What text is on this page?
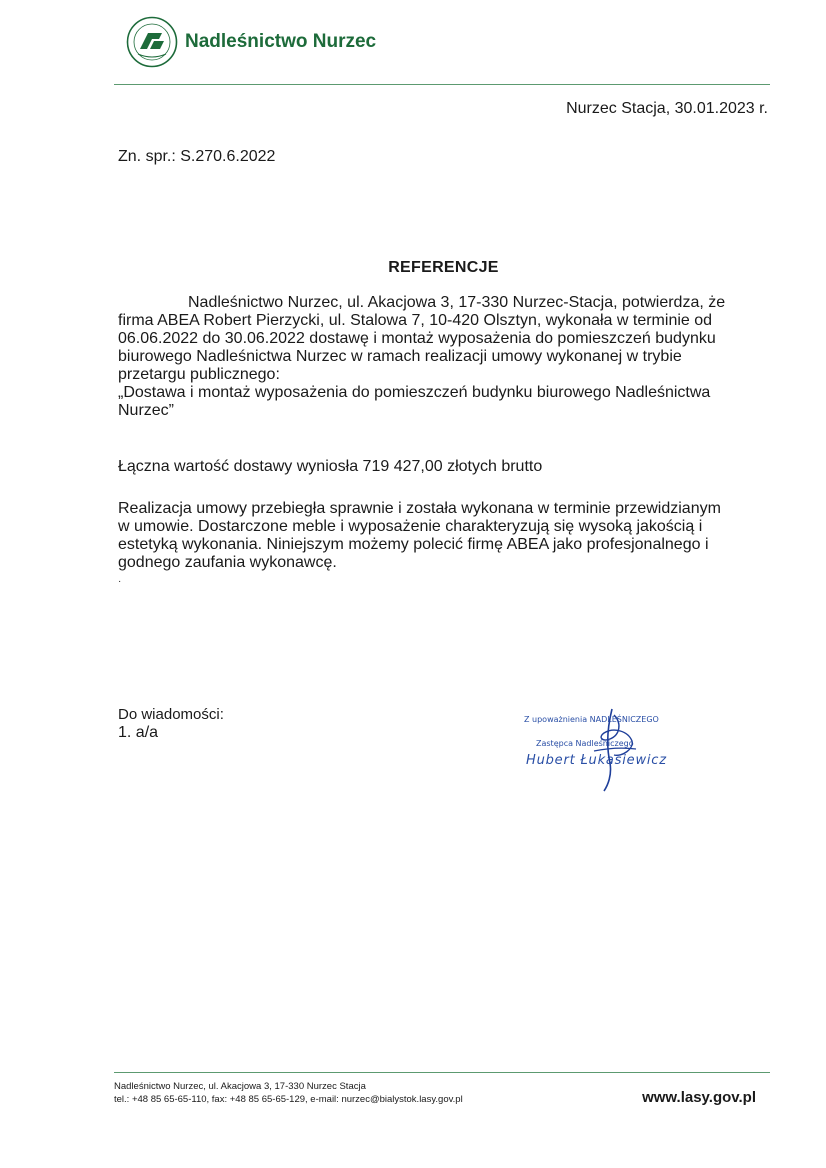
Nadleśnictwo Nurzec
Nurzec Stacja, 30.01.2023 r.
Zn. spr.: S.270.6.2022
REFERENCJE
Nadleśnictwo Nurzec, ul. Akacjowa 3, 17-330 Nurzec-Stacja, potwierdza, że
firma ABEA Robert Pierzycki, ul. Stalowa 7, 10-420 Olsztyn, wykonała w terminie od
06.06.2022 do 30.06.2022 dostawę i montaż wyposażenia do pomieszczeń budynku
biurowego Nadleśnictwa Nurzec w ramach realizacji umowy wykonanej w trybie
przetargu publicznego:
„Dostawa i montaż wyposażenia do pomieszczeń budynku biurowego Nadleśnictwa
Nurzec”
Łączna wartość dostawy wyniosła 719 427,00 złotych brutto
Realizacja umowy przebiegła sprawnie i została wykonana w terminie przewidzianym
w umowie. Dostarczone meble i wyposażenie charakteryzują się wysoką jakością i
estetyką wykonania. Niniejszym możemy polecić firmę ABEA jako profesjonalnego i
godnego zaufania wykonawcę.
·
Do wiadomości:
1. a/a
Z upoważnienia NADLEŚNICZEGO
Zastępca Nadleśniczego
Hubert Łukasiewicz
Nadleśnictwo Nurzec, ul. Akacjowa 3, 17-330 Nurzec Stacja
tel.: +48 85 65-65-110, fax: +48 85 65-65-129, e-mail: nurzec@bialystok.lasy.gov.pl	www.lasy.gov.pl
